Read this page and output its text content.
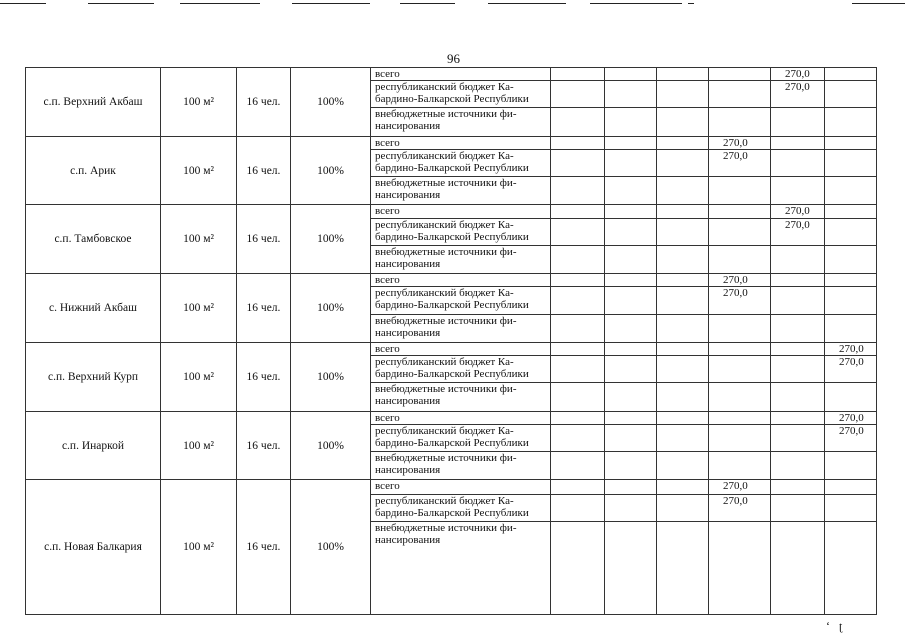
96
с.п. Верхний Акбаш	100 м²	16 чел.	100%	всего					270,0	

				республиканский бюджет Ка-
бардино-Балкарской Республики					270,0	

				внебюджетные источники фи-
нансирования						

с.п. Арик	100 м²	16 чел.	100%	всего				270,0		

				республиканский бюджет Ка-
бардино-Балкарской Республики				270,0		

				внебюджетные источники фи-
нансирования						

с.п. Тамбовское	100 м²	16 чел.	100%	всего					270,0	

				республиканский бюджет Ка-
бардино-Балкарской Республики					270,0	

				внебюджетные источники фи-
нансирования						

с. Нижний Акбаш	100 м²	16 чел.	100%	всего				270,0		

				республиканский бюджет Ка-
бардино-Балкарской Республики				270,0		

				внебюджетные источники фи-
нансирования						

с.п. Верхний Курп	100 м²	16 чел.	100%	всего						270,0

				республиканский бюджет Ка-
бардино-Балкарской Республики						270,0

				внебюджетные источники фи-
нансирования						

с.п. Инаркой	100 м²	16 чел.	100%	всего						270,0

				республиканский бюджет Ка-
бардино-Балкарской Республики						270,0

				внебюджетные источники фи-
нансирования						

с.п. Новая Балкария	100 м²	16 чел.	100%	всего				270,0		

				республиканский бюджет Ка-
бардино-Балкарской Республики				270,0		

				внебюджетные источники фи-
нансирования						

ʻ   ʈ
